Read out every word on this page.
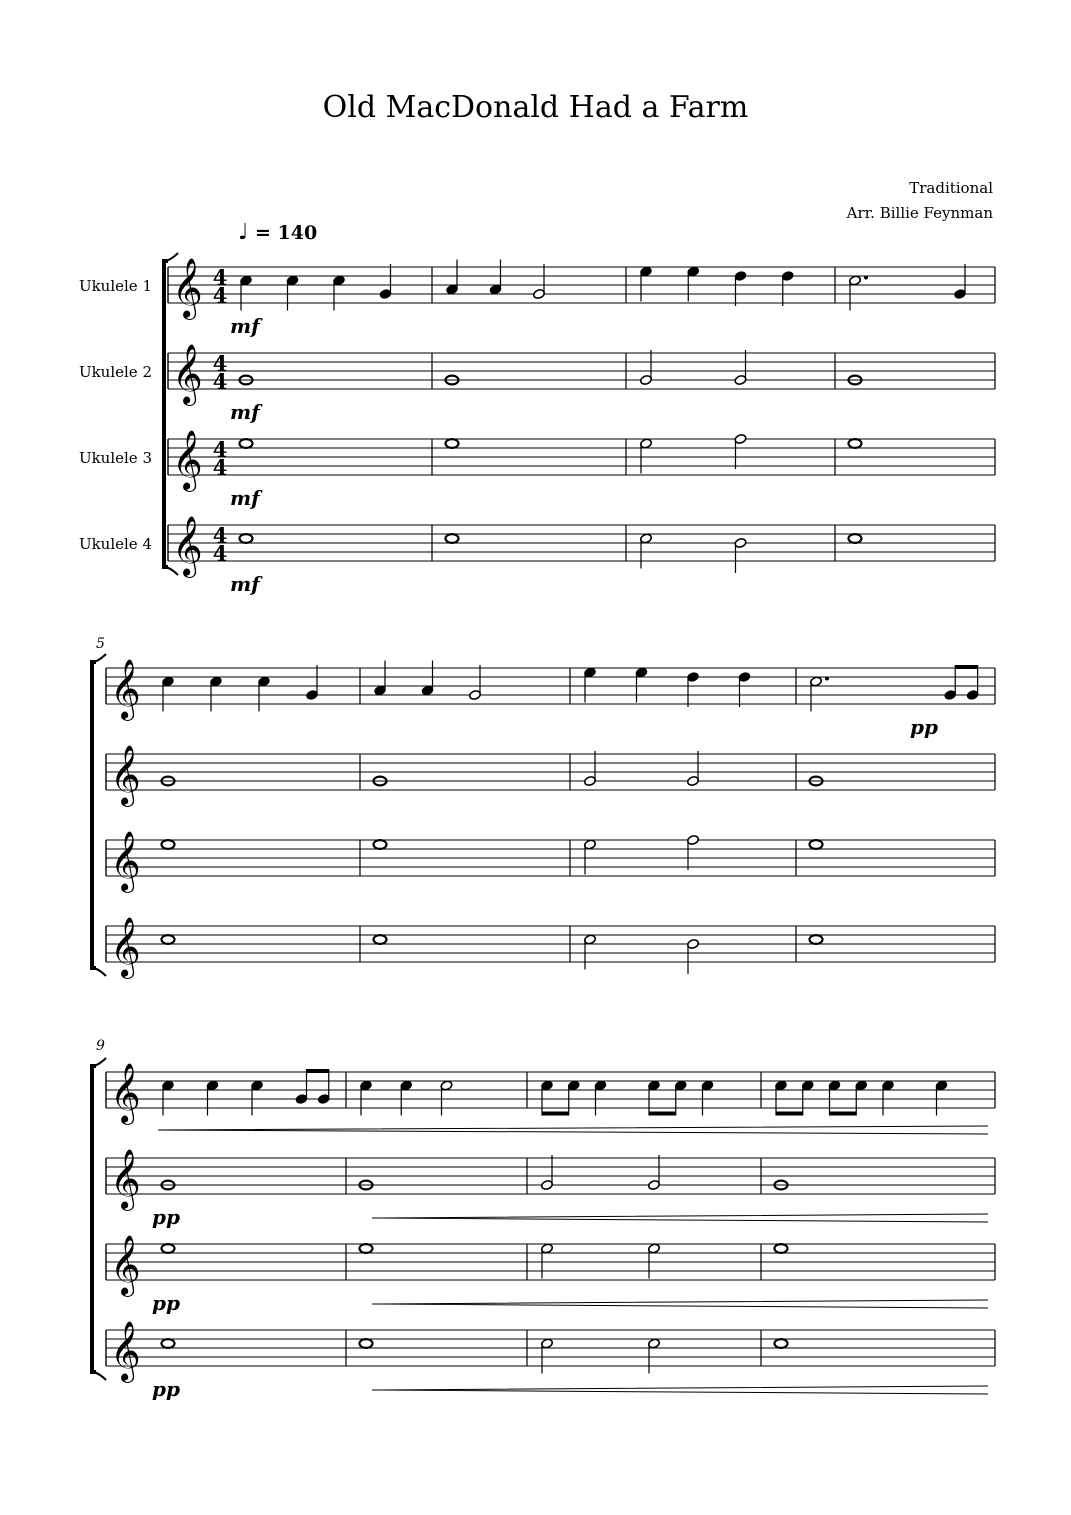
Old MacDonald Had a Farm
Traditional
Arr. Billie Feynman
♩ = 140
Ukulele 1
Ukulele 2
Ukulele 3
Ukulele 4
𝄞 4
4
𝄞 4
4
𝄞 4
4
𝄞 4
4
mf
mf
mf
mf
5
𝄞
𝄞
𝄞
𝄞
pp
9
𝄞
𝄞
𝄞
𝄞
pp
pp
pp
